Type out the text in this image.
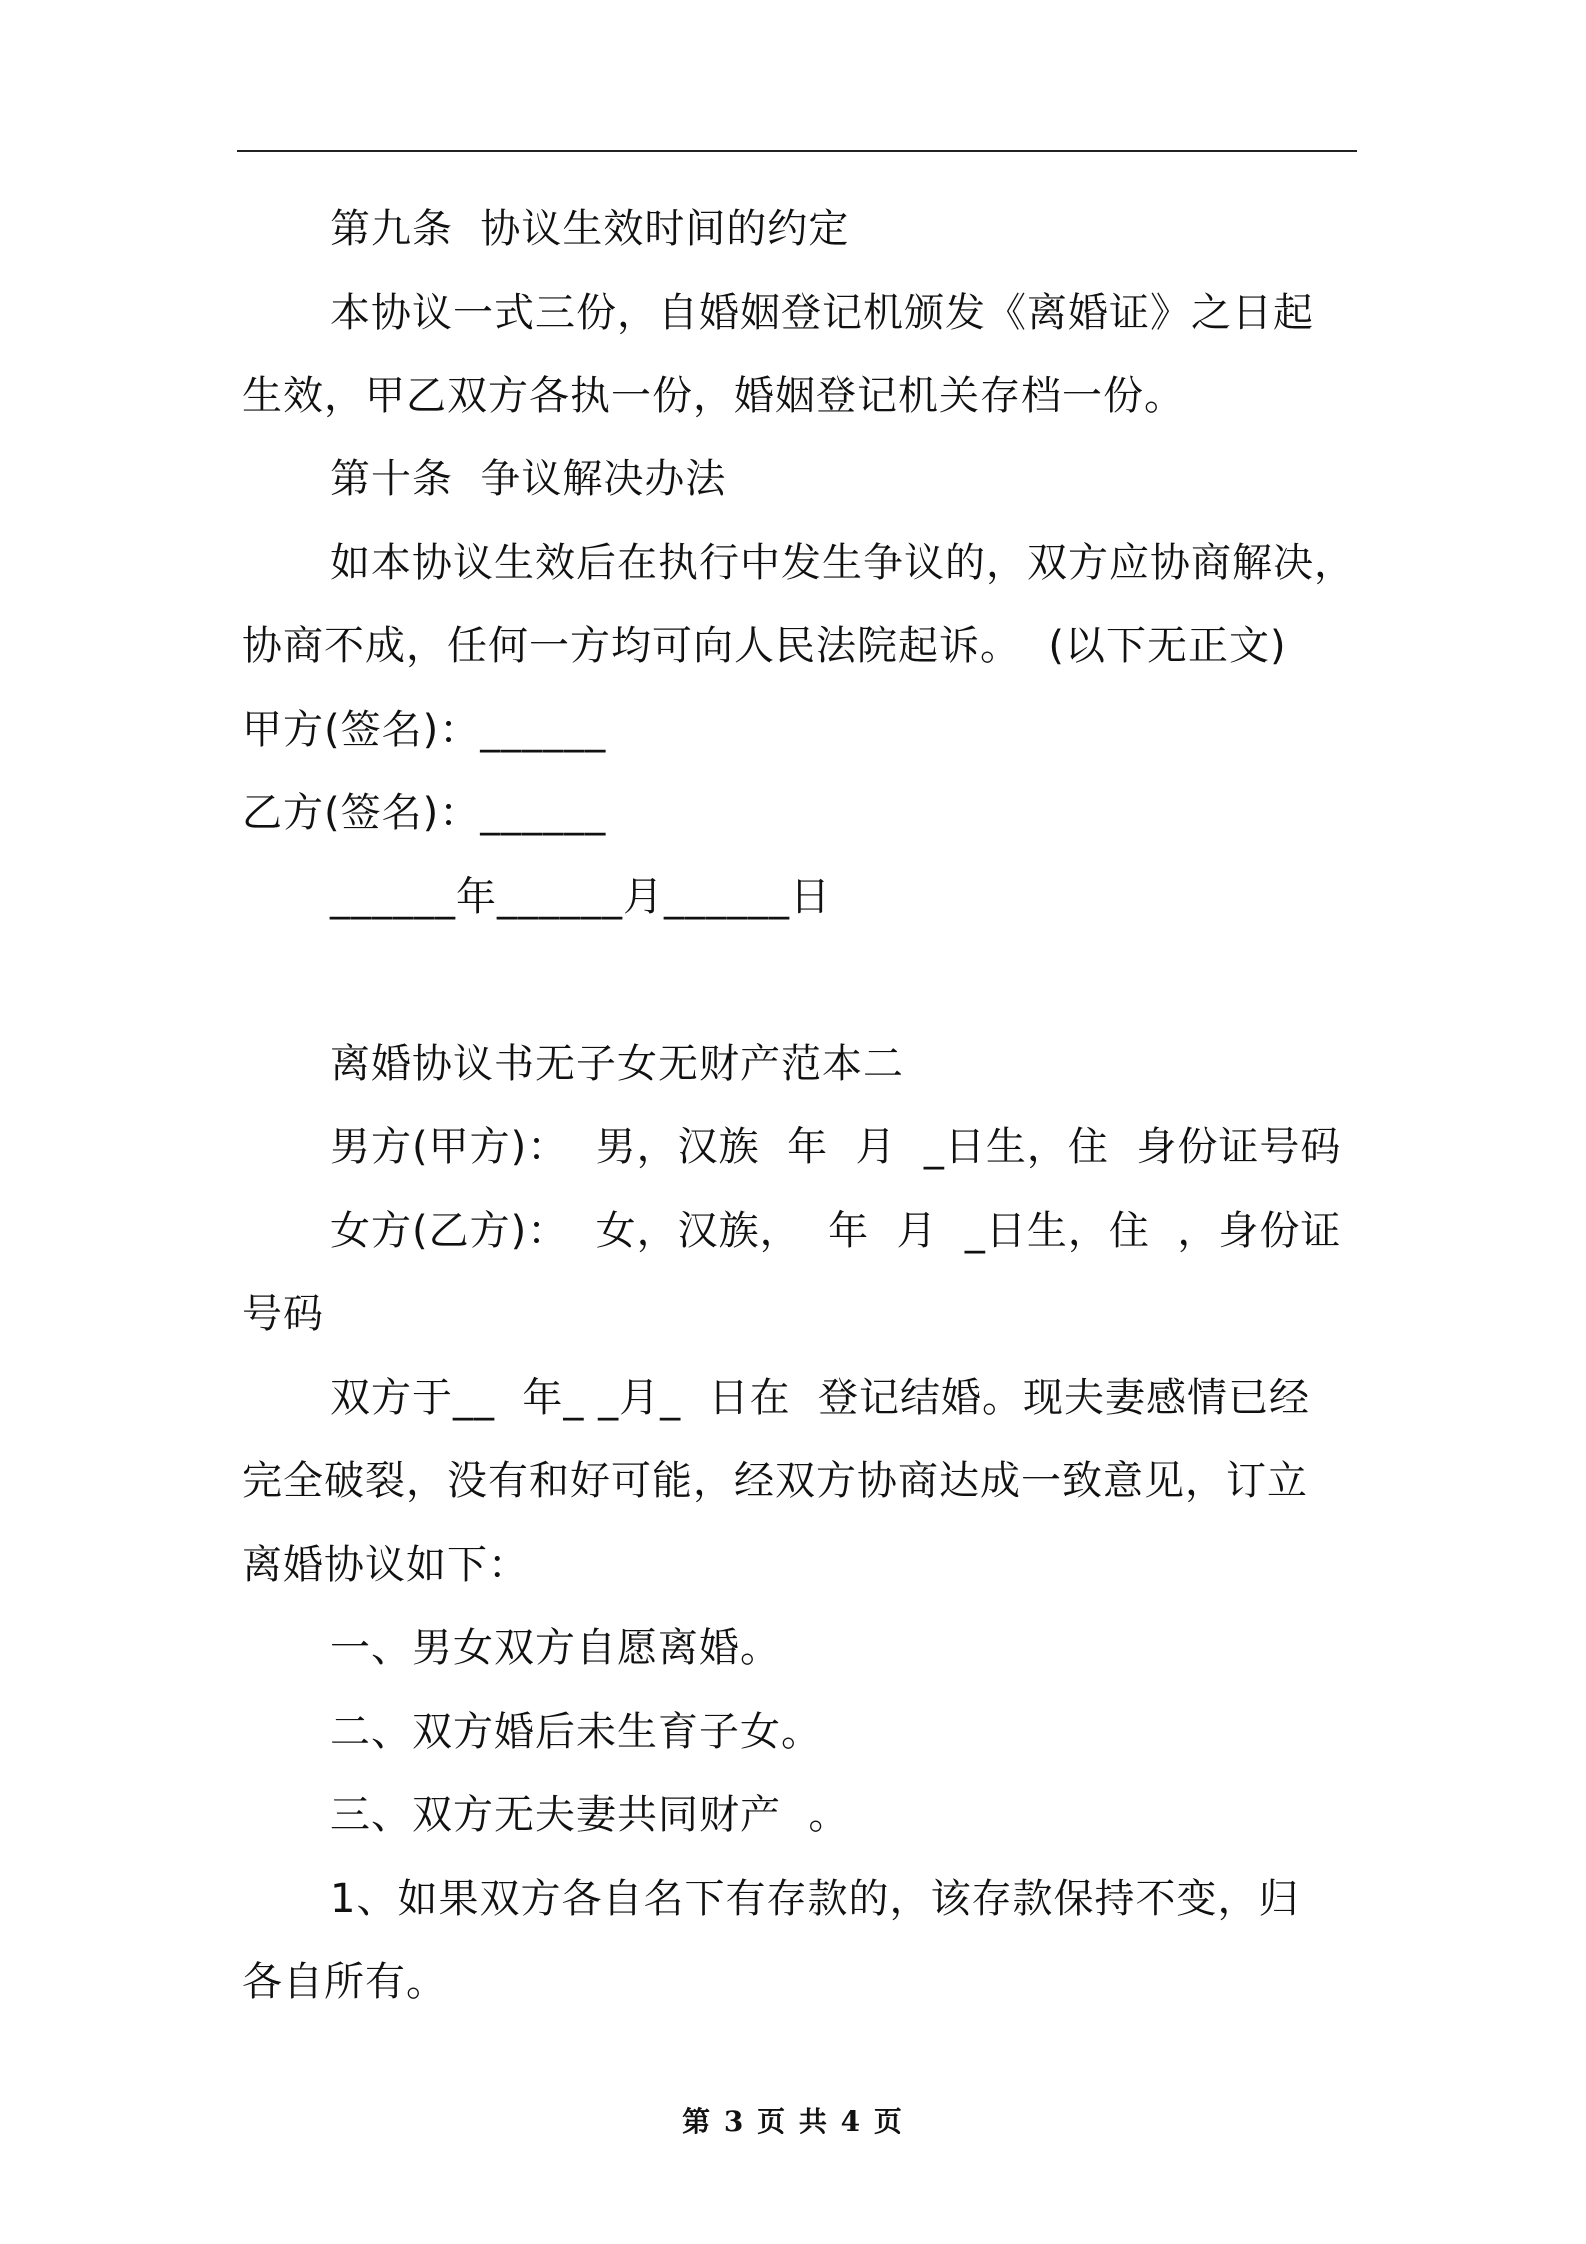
第九条  协议生效时间的约定
本协议一式三份，自婚姻登记机颁发《离婚证》之日起
生效，甲乙双方各执一份，婚姻登记机关存档一份。
第十条  争议解决办法
如本协议生效后在执行中发生争议的，双方应协商解决，
协商不成，任何一方均可向人民法院起诉。  (以下无正文)
甲方(签名)：______
乙方(签名)：______
______年______月______日
离婚协议书无子女无财产范本二
男方(甲方)：  男，汉族  年  月  _日生，住  身份证号码
女方(乙方)：  女，汉族，  年  月  _日生，住  ，身份证
号码
双方于__  年_ _月_  日在  登记结婚。现夫妻感情已经
完全破裂，没有和好可能，经双方协商达成一致意见，订立
离婚协议如下：
一、男女双方自愿离婚。
二、双方婚后未生育子女。
三、双方无夫妻共同财产  。
1、如果双方各自名下有存款的，该存款保持不变，归
各自所有。
第 3 页 共 4 页
